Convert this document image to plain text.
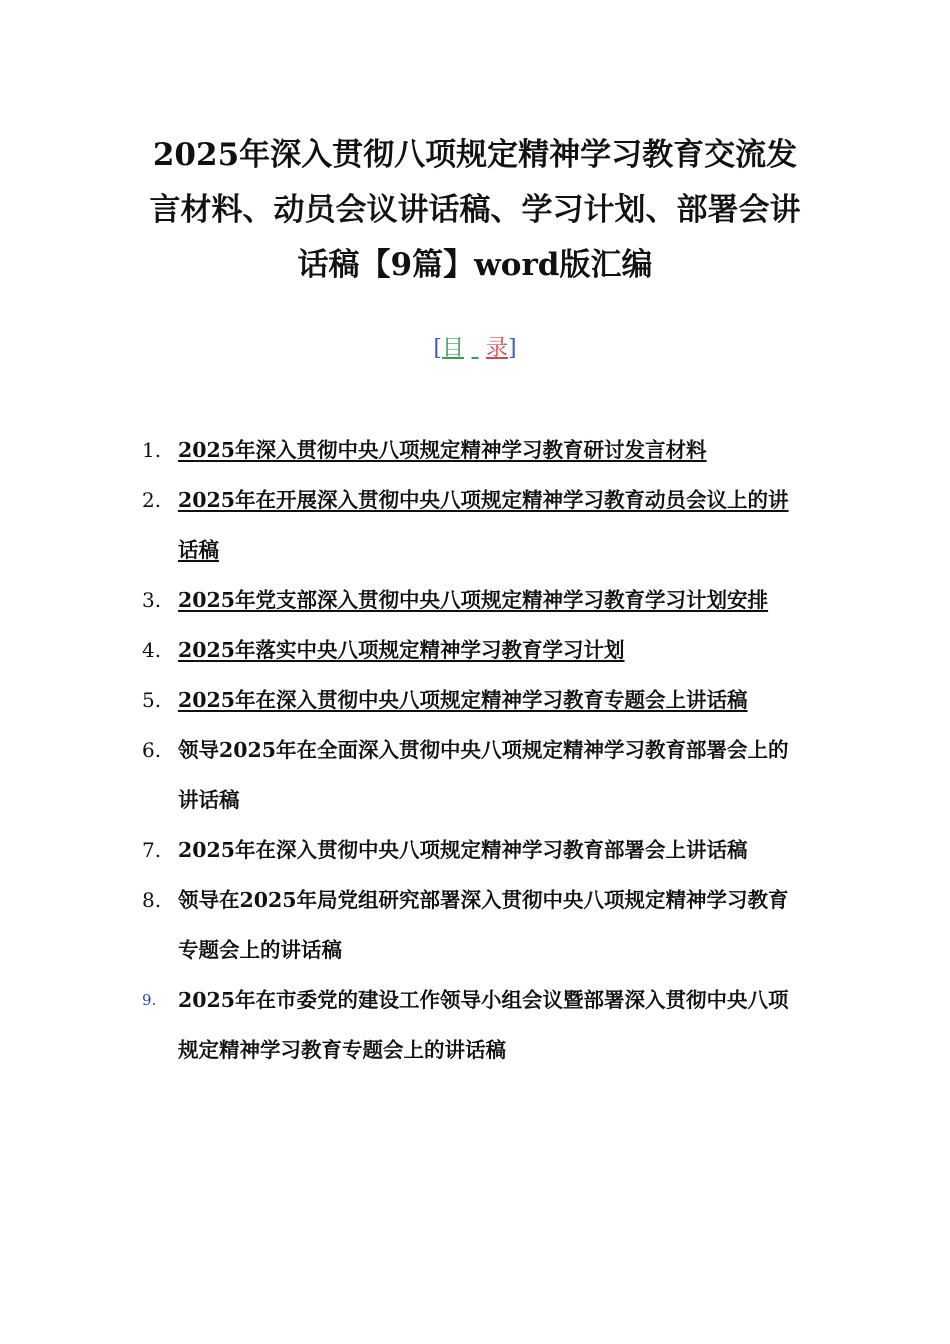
2025年深入贯彻八项规定精神学习教育交流发言材料、动员会议讲话稿、学习计划、部署会讲话稿【9篇】word版汇编
[目 录]
1. 2025年深入贯彻中央八项规定精神学习教育研讨发言材料
2. 2025年在开展深入贯彻中央八项规定精神学习教育动员会议上的讲话稿
3. 2025年党支部深入贯彻中央八项规定精神学习教育学习计划安排
4. 2025年落实中央八项规定精神学习教育学习计划
5. 2025年在深入贯彻中央八项规定精神学习教育专题会上讲话稿
6. 领导2025年在全面深入贯彻中央八项规定精神学习教育部署会上的讲话稿
7. 2025年在深入贯彻中央八项规定精神学习教育部署会上讲话稿
8. 领导在2025年局党组研究部署深入贯彻中央八项规定精神学习教育专题会上的讲话稿
9.	2025年在市委党的建设工作领导小组会议暨部署深入贯彻中央八项规定精神学习教育专题会上的讲话稿
